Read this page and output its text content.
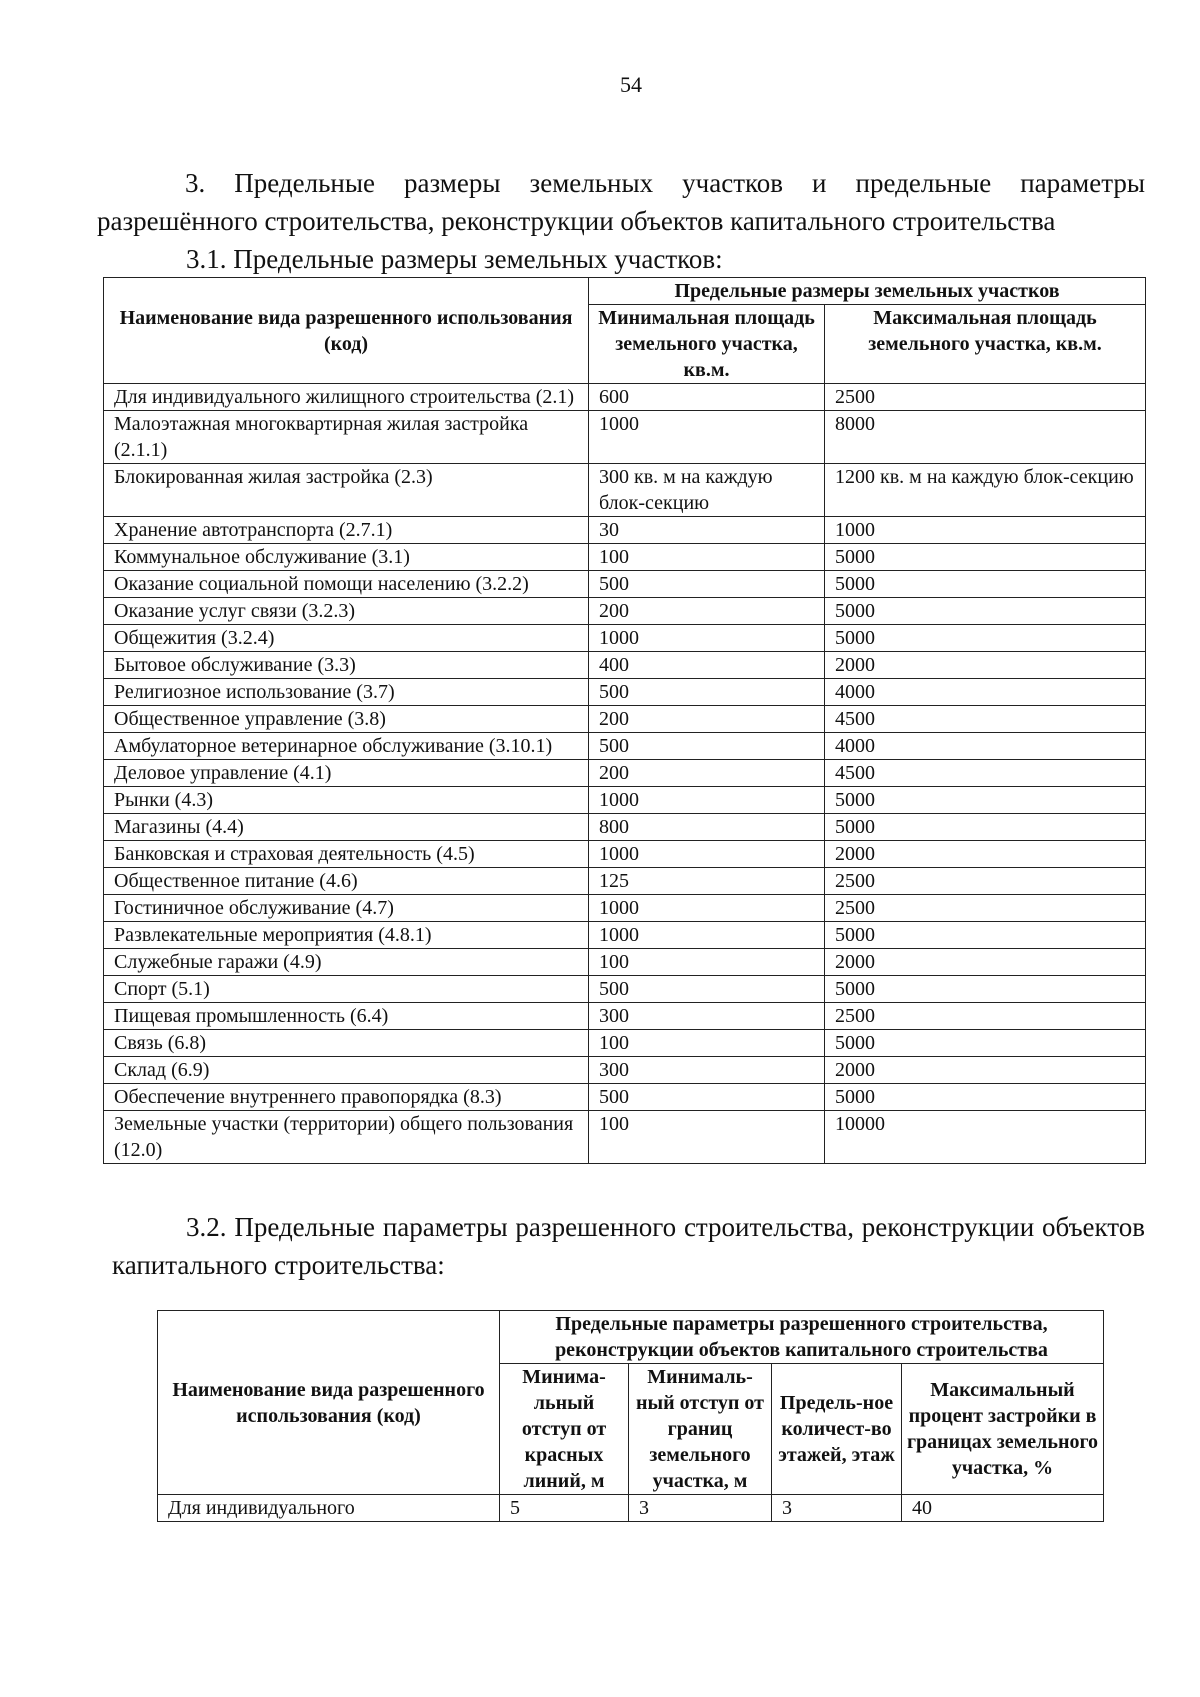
54
3. Предельные размеры земельных участков и предельные параметры разрешённого строительства, реконструкции объектов капитального строительства
3.1. Предельные размеры земельных участков:
Наименование вида разрешенного использования (код)	Предельные размеры земельных участков	
	Минимальная площадь земельного участка, кв.м.	Максимальная площадь земельного участка, кв.м.
Для индивидуального жилищного строительства (2.1)	600	2500
Малоэтажная многоквартирная жилая застройка (2.1.1)	1000	8000
Блокированная жилая застройка (2.3)	300 кв. м на каждую блок-секцию	1200 кв. м на каждую блок-секцию
Хранение автотранспорта (2.7.1)	30	1000
Коммунальное обслуживание (3.1)	100	5000
Оказание социальной помощи населению (3.2.2)	500	5000
Оказание услуг связи (3.2.3)	200	5000
Общежития (3.2.4)	1000	5000
Бытовое обслуживание (3.3)	400	2000
Религиозное использование (3.7)	500	4000
Общественное управление (3.8)	200	4500
Амбулаторное ветеринарное обслуживание (3.10.1)	500	4000
Деловое управление (4.1)	200	4500
Рынки (4.3)	1000	5000
Магазины (4.4)	800	5000
Банковская и страховая деятельность (4.5)	1000	2000
Общественное питание (4.6)	125	2500
Гостиничное обслуживание (4.7)	1000	2500
Развлекательные мероприятия (4.8.1)	1000	5000
Служебные гаражи (4.9)	100	2000
Спорт (5.1)	500	5000
Пищевая промышленность (6.4)	300	2500
Связь (6.8)	100	5000
Склад (6.9)	300	2000
Обеспечение внутреннего правопорядка (8.3)	500	5000
Земельные участки (территории) общего пользования (12.0)	100	10000
3.2. Предельные параметры разрешенного строительства, реконструкции объектов капитального строительства:
Наименование вида разрешенного использования (код)	Предельные параметры разрешенного строительства, реконструкции объектов капитального строительства			
	Минима-льный отступ от красных линий, м	Минималь-ный отступ от границ земельного участка, м	Предель-ное количест-во этажей, этаж	Максимальный процент застройки в границах земельного участка, %
Для индивидуального	5	3	3	40
